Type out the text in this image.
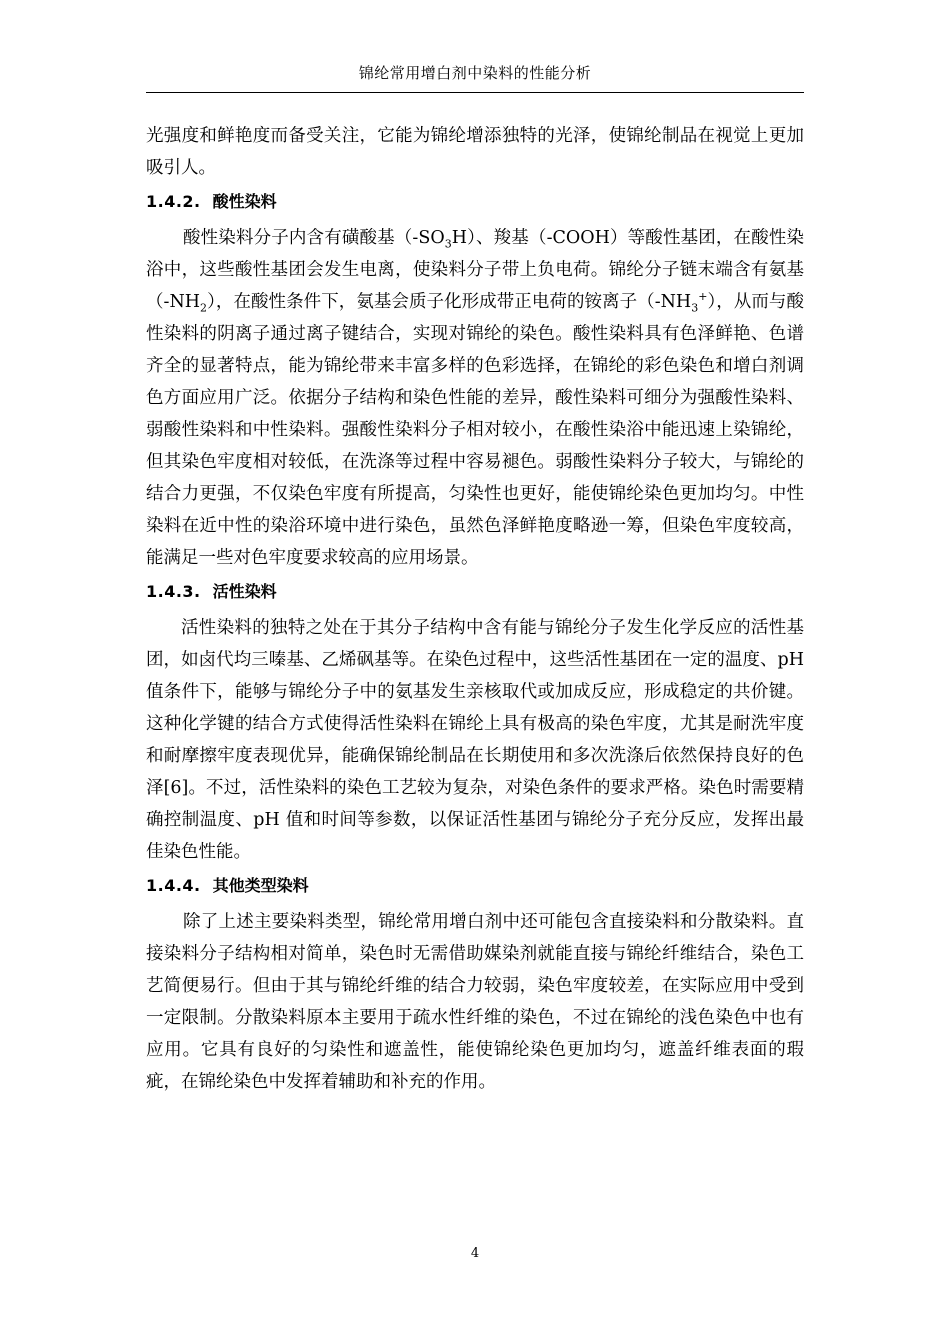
锦纶常用增白剂中染料的性能分析

光强度和鲜艳度而备受关注，它能为锦纶增添独特的光泽，使锦纶制品在视觉上更加吸引人。

1.4.2. 酸性染料

酸性染料分子内含有磺酸基$(-SO_3H)$、羧基（-COOH）等酸性基团，在酸性染浴中，这些酸性基团会发生电离，使染料分子带上负电荷。锦纶分子链末端含有氨基$(-NH_2)$，在酸性条件下，氨基会质子化形成带正电荷的铵离子$(-NH_3^+)$，从而与酸性染料的阴离子通过离子键结合，实现对锦纶的染色。酸性染料具有色泽鲜艳、色谱齐全的显著特点，能为锦纶带来丰富多样的色彩选择，在锦纶的彩色染色和增白剂调色方面应用广泛。依据分子结构和染色性能的差异，酸性染料可细分为强酸性染料、弱酸性染料和中性染料。强酸性染料分子相对较小，在酸性染浴中能迅速上染锦纶，但其染色牢度相对较低，在洗涤等过程中容易褪色。弱酸性染料分子较大，与锦纶的结合力更强，不仅染色牢度有所提高，匀染性也更好，能使锦纶染色更加均匀。中性染料在近中性的染浴环境中进行染色，虽然色泽鲜艳度略逊一筹，但染色牢度较高，能满足一些对色牢度要求较高的应用场景。

1.4.3. 活性染料

活性染料的独特之处在于其分子结构中含有能与锦纶分子发生化学反应的活性基团，如卤代均三嗪基、乙烯砜基等。在染色过程中，这些活性基团在一定的温度、pH 值条件下，能够与锦纶分子中的氨基发生亲核取代或加成反应，形成稳定的共价键。这种化学键的结合方式使得活性染料在锦纶上具有极高的染色牢度，尤其是耐洗牢度和耐摩擦牢度表现优异，能确保锦纶制品在长期使用和多次洗涤后依然保持良好的色泽[6]。不过，活性染料的染色工艺较为复杂，对染色条件的要求严格。染色时需要精确控制温度、pH 值和时间等参数，以保证活性基团与锦纶分子充分反应，发挥出最佳染色性能。

1.4.4. 其他类型染料

除了上述主要染料类型，锦纶常用增白剂中还可能包含直接染料和分散染料。直接染料分子结构相对简单，染色时无需借助媒染剂就能直接与锦纶纤维结合，染色工艺简便易行。但由于其与锦纶纤维的结合力较弱，染色牢度较差，在实际应用中受到一定限制。分散染料原本主要用于疏水性纤维的染色，不过在锦纶的浅色染色中也有应用。它具有良好的匀染性和遮盖性，能使锦纶染色更加均匀，遮盖纤维表面的瑕疵，在锦纶染色中发挥着辅助和补充的作用。

4
